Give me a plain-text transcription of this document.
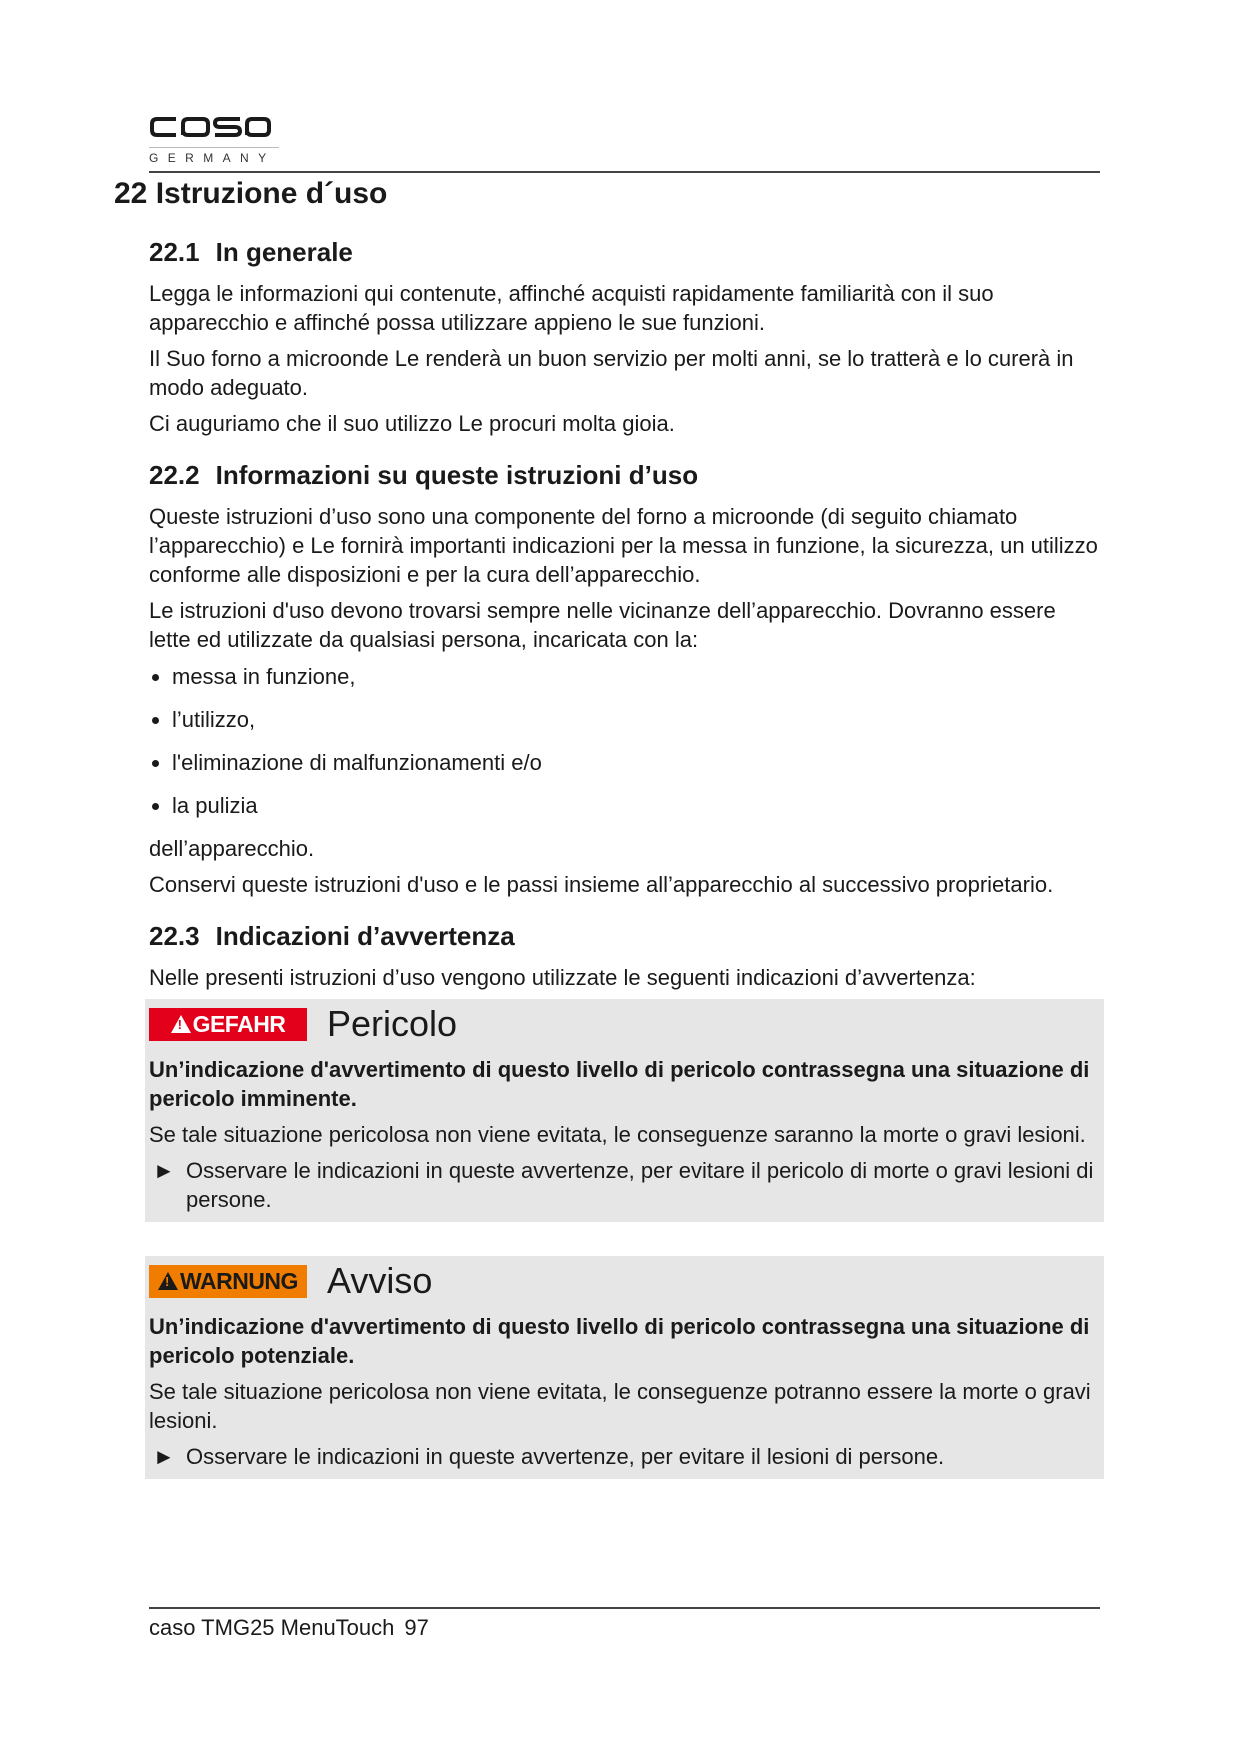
GERMANY
22 Istruzione d´uso
22.1 In generale

Legga le informazioni qui contenute, affinché acquisti rapidamente familiarità con il suo apparecchio e affinché possa utilizzare appieno le sue funzioni.

Il Suo forno a microonde Le renderà un buon servizio per molti anni, se lo tratterà e lo curerà in modo adeguato.

Ci auguriamo che il suo utilizzo Le procuri molta gioia.

22.2 Informazioni su queste istruzioni d’uso

Queste istruzioni d’uso sono una componente del forno a microonde (di seguito chiamato l’apparecchio) e Le fornirà importanti indicazioni per la messa in funzione, la sicurezza, un utilizzo conforme alle disposizioni e per la cura dell’apparecchio.

Le istruzioni d'uso devono trovarsi sempre nelle vicinanze dell’apparecchio. Dovranno essere lette ed utilizzate da qualsiasi persona, incaricata con la:

messa in funzione,
l’utilizzo,
l'eliminazione di malfunzionamenti e/o
la pulizia

dell’apparecchio.

Conservi queste istruzioni d'uso e le passi insieme all’apparecchio al successivo proprietario.

22.3 Indicazioni d’avvertenza

Nelle presenti istruzioni d’uso vengono utilizzate le seguenti indicazioni d’avvertenza:

!
GEFAHR Pericolo

Un’indicazione d'avvertimento di questo livello di pericolo contrassegna una situazione di pericolo imminente.

Se tale situazione pericolosa non viene evitata, le conseguenze saranno la morte o gravi lesioni.

► Osservare le indicazioni in queste avvertenze, per evitare il pericolo di morte o gravi lesioni di persone.
!
WARNUNG Avviso

Un’indicazione d'avvertimento di questo livello di pericolo contrassegna una situazione di pericolo potenziale.

Se tale situazione pericolosa non viene evitata, le conseguenze potranno essere la morte o gravi lesioni.

► Osservare le indicazioni in queste avvertenze, per evitare il lesioni di persone.
caso TMG25 MenuTouch 97
